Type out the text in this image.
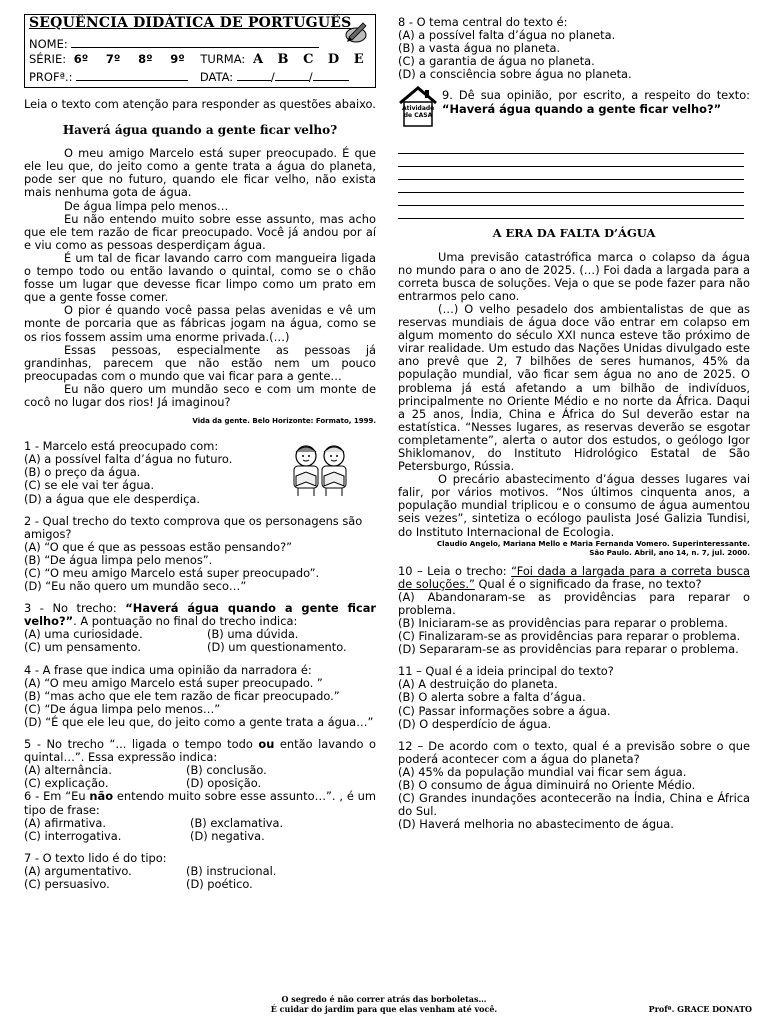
SEQUÊNCIA DIDÁTICA DE PORTUGUÊS
NOME:
SÉRIE: 6º 7º 8º 9º TURMA: A B C D E
PROFª.:	DATA:	/	/

Leia o texto com atenção para responder as questões abaixo.

Haverá água quando a gente ficar velho?

O meu amigo Marcelo está super preocupado. É que ele leu que, do jeito como a gente trata a água do planeta, pode ser que no futuro, quando ele ficar velho, não exista mais nenhuma gota de água.

De água limpa pelo menos…

Eu não entendo muito sobre esse assunto, mas acho que ele tem razão de ficar preocupado. Você já andou por aí e viu como as pessoas desperdiçam água.

É um tal de ficar lavando carro com mangueira ligada o tempo todo ou então lavando o quintal, como se o chão fosse um lugar que devesse ficar limpo como um prato em que a gente fosse comer.

O pior é quando você passa pelas avenidas e vê um monte de porcaria que as fábricas jogam na água, como se os rios fossem assim uma enorme privada.(…)

Essas pessoas, especialmente as pessoas já grandinhas, parecem que não estão nem um pouco preocupadas com o mundo que vai ficar para a gente…

Eu não quero um mundão seco e com um monte de cocô no lugar dos rios! Já imaginou?

Vida da gente. Belo Horizonte: Formato, 1999.

1 - Marcelo está preocupado com:

(A) a possível falta d’água no futuro.

(B) o preço da água.

(C) se ele vai ter água.

(D) a água que ele desperdiça.

2 - Qual trecho do texto comprova que os personagens são amigos?

(A) “O que é que as pessoas estão pensando?”

(B) “De água limpa pelo menos”.

(C) “O meu amigo Marcelo está super preocupado”.

(D) “Eu não quero um mundão seco…”

3 - No trecho: “Haverá água quando a gente ficar velho?”. A pontuação no final do trecho indica:

(A) uma curiosidade.	(B) uma dúvida.
(C) um pensamento.	(D) um questionamento.

4 - A frase que indica uma opinião da narradora é:

(A) “O meu amigo Marcelo está super preocupado. ”

(B) “mas acho que ele tem razão de ficar preocupado.”

(C) “De água limpa pelo menos…”

(D) “É que ele leu que, do jeito como a gente trata a água…”

5 - No trecho “... ligada o tempo todo ou então lavando o quintal…”. Essa expressão indica:

(A) alternância.	(B) conclusão.
(C) explicação.	(D) oposição.

6 - Em “Eu não entendo muito sobre esse assunto…”. , é um tipo de frase:

(A) afirmativa.	(B) exclamativa.
(C) interrogativa.	(D) negativa.

7 - O texto lido é do tipo:

(A) argumentativo.	(B) instrucional.
(C) persuasivo.	(D) poético.

8 - O tema central do texto é:

(A) a possível falta d’água no planeta.

(B) a vasta água no planeta.

(C) a garantia de água no planeta.

(D) a consciência sobre água no planeta.

Atividade
de CASA

9. Dê sua opinião, por escrito, a respeito do texto: “Haverá água quando a gente ficar velho?”

A ERA DA FALTA D’ÁGUA

Uma previsão catastrófica marca o colapso da água no mundo para o ano de 2025. (…) Foi dada a largada para a correta busca de soluções. Veja o que se pode fazer para não entrarmos pelo cano.

(…) O velho pesadelo dos ambientalistas de que as reservas mundiais de água doce vão entrar em colapso em algum momento do século XXI nunca esteve tão próximo de virar realidade. Um estudo das Nações Unidas divulgado este ano prevê que 2, 7 bilhões de seres humanos, 45% da população mundial, vão ficar sem água no ano de 2025. O problema já está afetando a um bilhão de indivíduos, principalmente no Oriente Médio e no norte da África. Daqui a 25 anos, Índia, China e África do Sul deverão estar na estatística. “Nesses lugares, as reservas deverão se esgotar completamente”, alerta o autor dos estudos, o geólogo Igor Shiklomanov, do Instituto Hidrológico Estatal de São Petersburgo, Rússia.

O precário abastecimento d’água desses lugares vai falir, por vários motivos. “Nos últimos cinquenta anos, a população mundial triplicou e o consumo de água aumentou seis vezes”, sintetiza o ecólogo paulista José Galizia Tundisi, do Instituto Internacional de Ecologia.

Claudio Angelo, Mariana Mello e Maria Fernanda Vomero. Superinteressante.

São Paulo. Abril, ano 14, n. 7, jul. 2000.

10 – Leia o trecho: “Foi dada a largada para a correta busca de soluções.” Qual é o significado da frase, no texto?

(A) Abandonaram-se as providências para reparar o problema.

(B) Iniciaram-se as providências para reparar o problema.

(C) Finalizaram-se as providências para reparar o problema.

(D) Separaram-se as providências para reparar o problema.

11 – Qual é a ideia principal do texto?

(A) A destruição do planeta.

(B) O alerta sobre a falta d’água.

(C) Passar informações sobre a água.

(D) O desperdício de água.

12 – De acordo com o texto, qual é a previsão sobre o que poderá acontecer com a água do planeta?

(A) 45% da população mundial vai ficar sem água.

(B) O consumo de água diminuirá no Oriente Médio.

(C) Grandes inundações acontecerão na Índia, China e África do Sul.

(D) Haverá melhoria no abastecimento de água.

O segredo é não correr atrás das borboletas…
É cuidar do jardim para que elas venham até você.	Profª. GRACE DONATO
